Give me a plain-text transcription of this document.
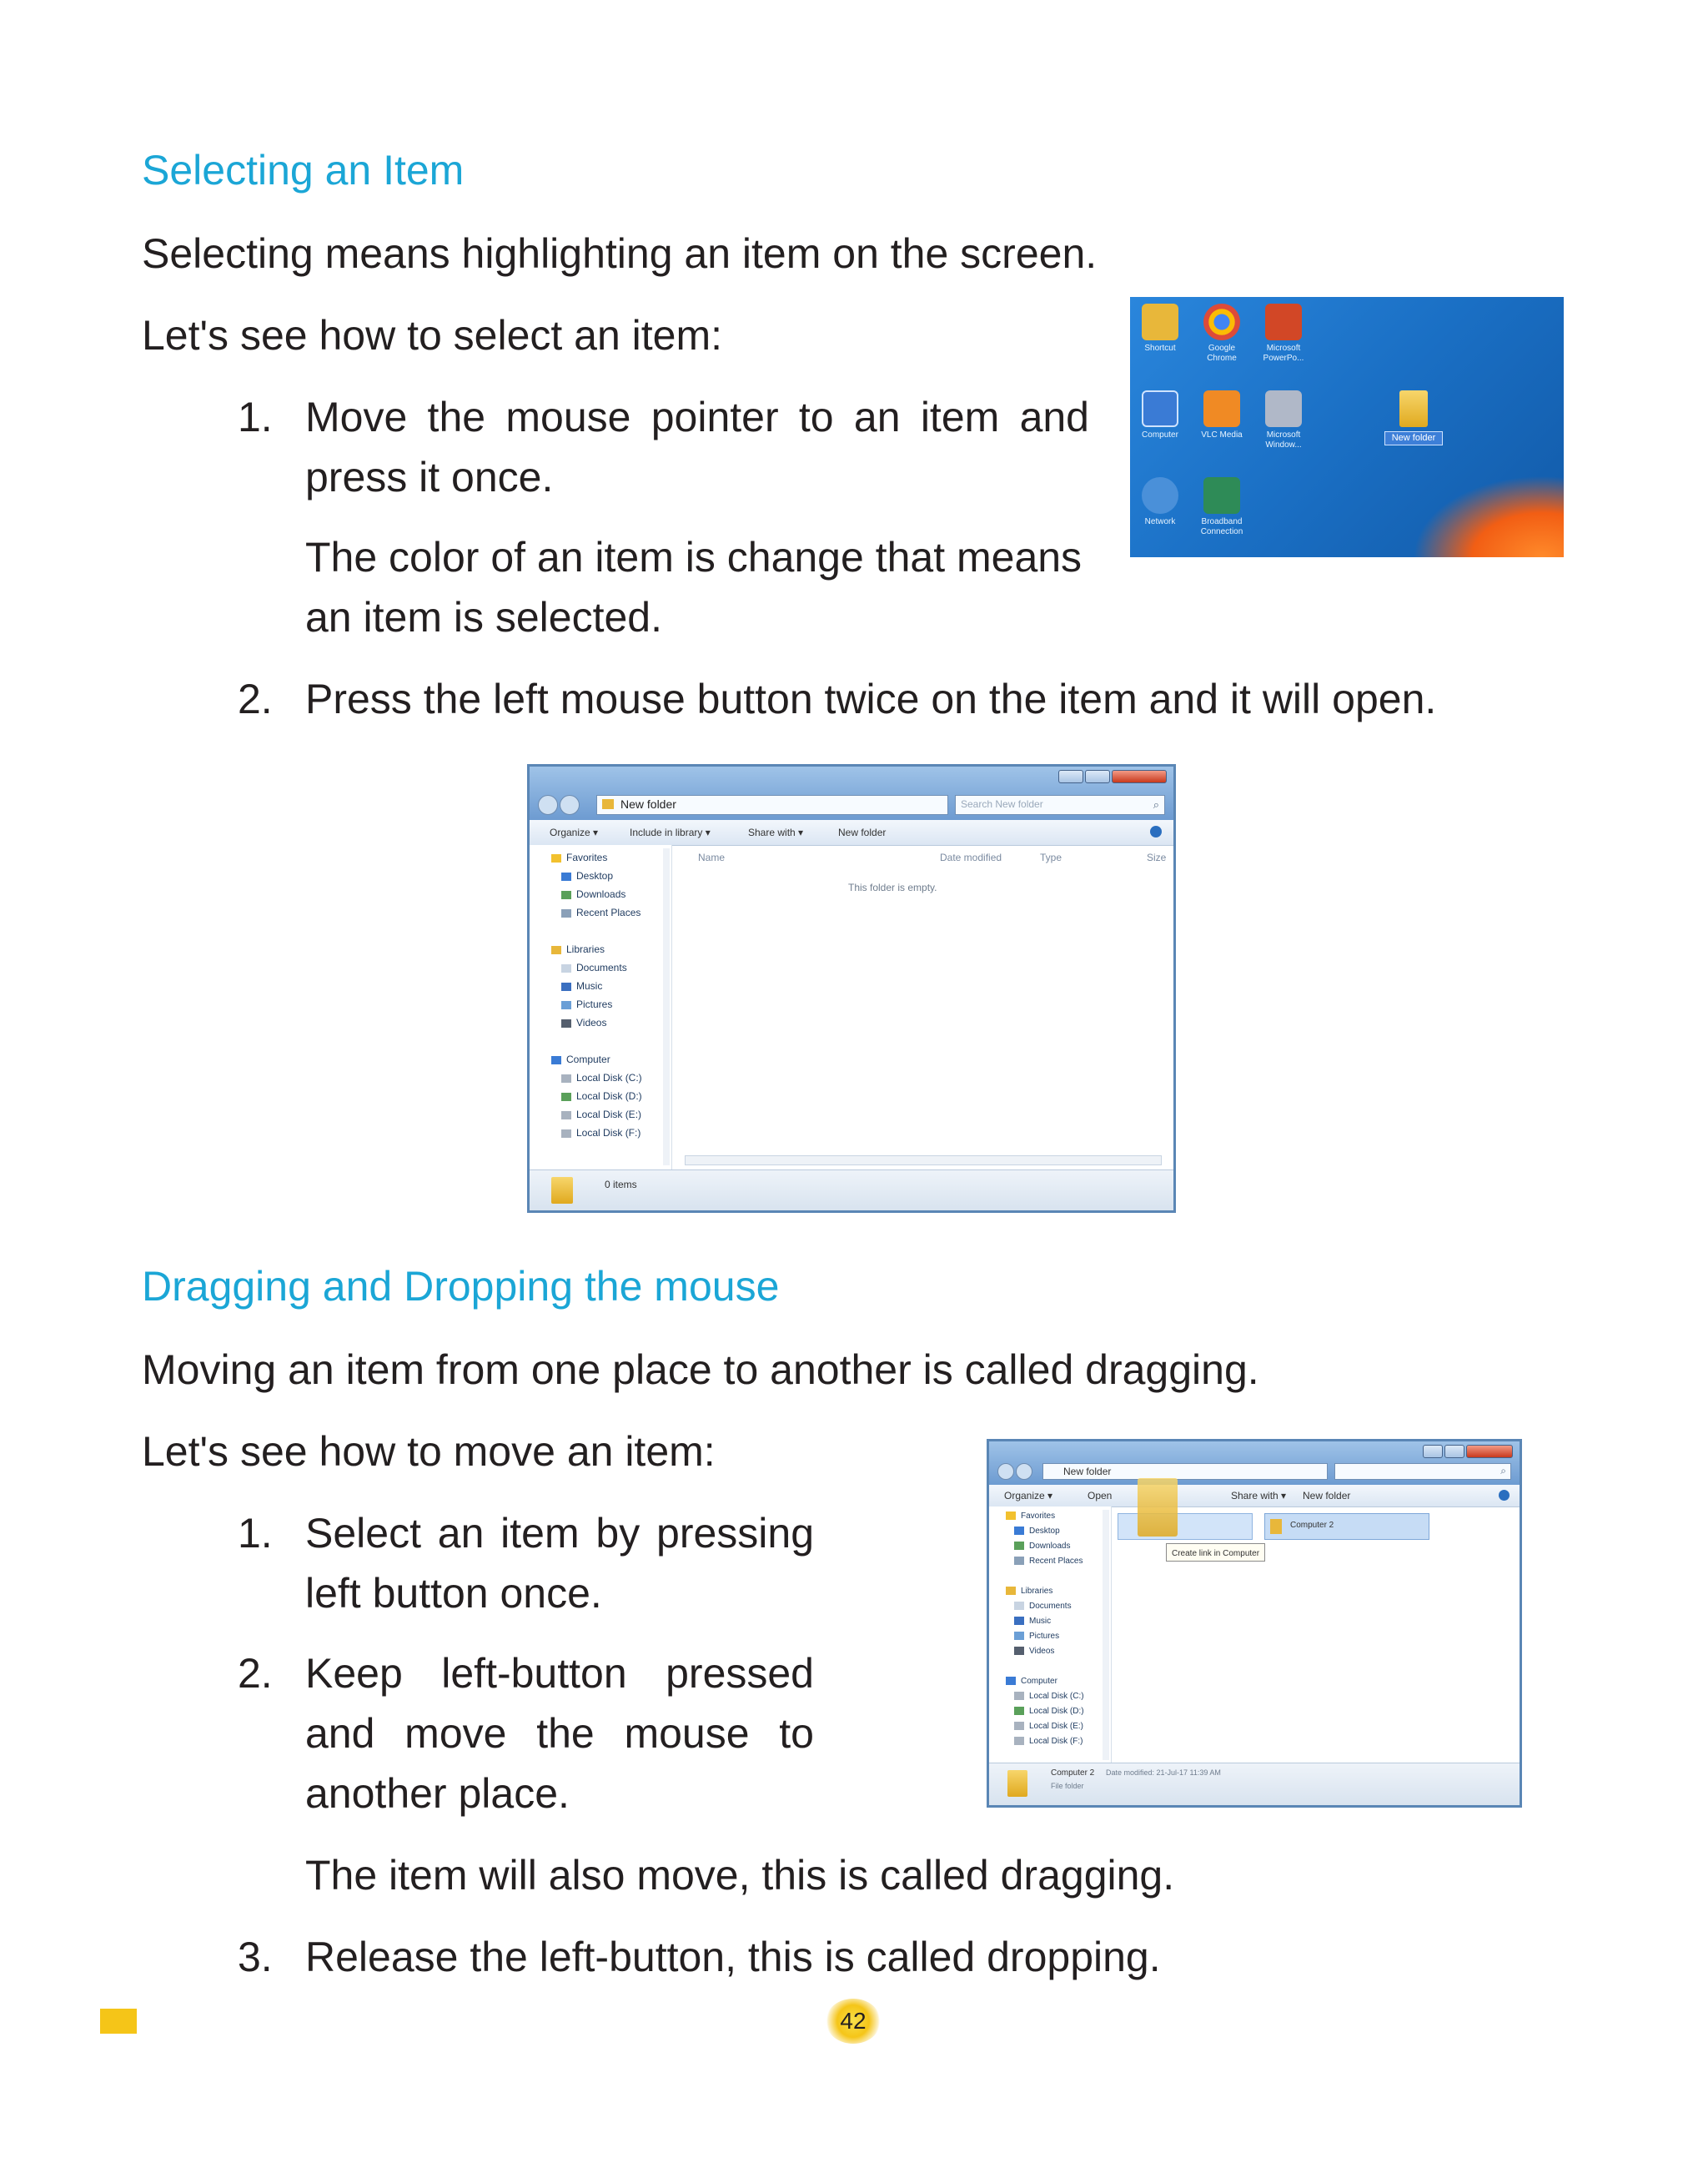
Selecting an Item
Selecting means highlighting an item on the screen.
Let's see how to select an item:
1. Move the mouse pointer to an item and
press it once.
The color of an item is change that means
an item is selected.
2. Press the left mouse button twice on the item and it will open.
Shortcut	Google Chrome
Microsoft PowerPo...
Computer	VLC Media	Microsoft Window...
Network	Broadband Connection
New folder
New folder	Search New folder	⌕
Organize ▾	Include in library ▾	Share with ▾	New folder
Favorites
Desktop
Downloads
Recent Places
Libraries
Documents
Music
Pictures
Videos
Computer
Local Disk (C:)
Local Disk (D:)
Local Disk (E:)
Local Disk (F:)
Name	Date modified	Type	Size
This folder is empty.
0 items
Dragging and Dropping the mouse
Moving an item from one place to another is called dragging.
Let's see how to move an item:
1. Select an item by pressing
left button once.
2. Keep left-button pressed
and move the mouse to
another place.
The item will also move, this is called dragging.
3. Release the left-button, this is called dropping.
New folder	⌕
Organize ▾	Open	Share with ▾ New folder
Favorites
Desktop
Downloads
Recent Places
Libraries
Documents
Music
Pictures
Videos
Computer
Local Disk (C:)
Local Disk (D:)
Local Disk (E:)
Local Disk (F:)
Computer 2
Create link in Computer
Computer 2 Date modified: 21-Jul-17 11:39 AM
File folder
42
